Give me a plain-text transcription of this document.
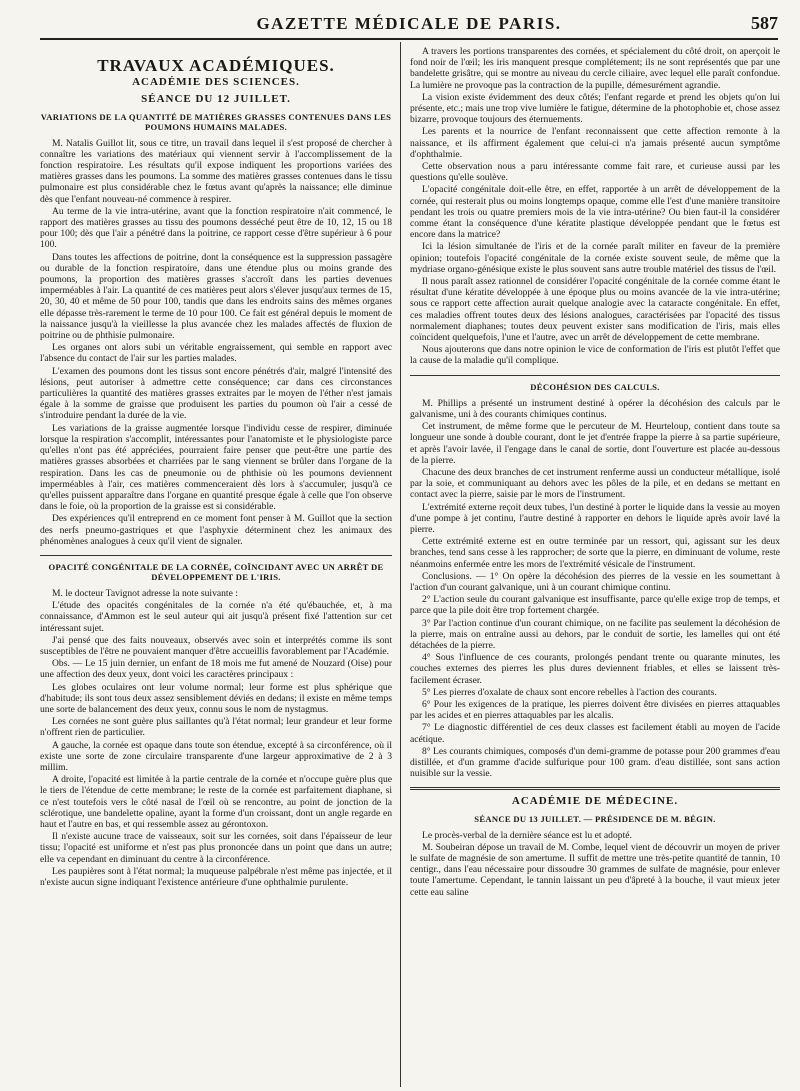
GAZETTE MÉDICALE DE PARIS.	587
TRAVAUX ACADÉMIQUES.
ACADÉMIE DES SCIENCES.
SÉANCE DU 12 JUILLET.
VARIATIONS DE LA QUANTITÉ DE MATIÈRES GRASSES CONTENUES DANS LES POUMONS HUMAINS MALADES.

M. Natalis Guillot lit, sous ce titre, un travail dans lequel il s'est proposé de chercher à connaître les variations des matériaux qui viennent servir à l'accomplissement de la fonction respiratoire. Les résultats qu'il expose indiquent les proportions variées des matières grasses dans les poumons. La somme des matières grasses contenues dans le tissu pulmonaire est plus considérable chez le fœtus avant qu'après la naissance; elle diminue dès que l'enfant nouveau-né commence à respirer.

Au terme de la vie intra-utérine, avant que la fonction respiratoire n'ait commencé, le rapport des matières grasses au tissu des poumons desséché peut être de 10, 12, 15 ou 18 pour 100; dès que l'air a pénétré dans la poitrine, ce rapport cesse d'être supérieur à 6 pour 100.

Dans toutes les affections de poitrine, dont la conséquence est la suppression passagère ou durable de la fonction respiratoire, dans une étendue plus ou moins grande des poumons, la proportion des matières grasses s'accroît dans les parties devenues imperméables à l'air. La quantité de ces matières peut alors s'élever jusqu'aux termes de 15, 20, 30, 40 et même de 50 pour 100, tandis que dans les endroits sains des mêmes organes elle dépasse très-rarement le terme de 10 pour 100. Ce fait est général depuis le moment de la naissance jusqu'à la vieillesse la plus avancée chez les malades affectés de fluxion de poitrine ou de phthisie pulmonaire.

Les organes ont alors subi un véritable engraissement, qui semble en rapport avec l'absence du contact de l'air sur les parties malades.

L'examen des poumons dont les tissus sont encore pénétrés d'air, malgré l'intensité des lésions, peut autoriser à admettre cette conséquence; car dans ces circonstances particulières la quantité des matières grasses extraites par le moyen de l'éther n'est jamais égale à la somme de graisse que produisent les parties du poumon où l'air a cessé de s'introduire pendant la durée de la vie.

Les variations de la graisse augmentée lorsque l'individu cesse de respirer, diminuée lorsque la respiration s'accomplit, intéressantes pour l'anatomiste et le physiologiste parce qu'elles n'ont pas été appréciées, pourraient faire penser que peut-être une partie des matières grasses absorbées et charriées par le sang viennent se brûler dans l'organe de la respiration. Dans les cas de pneumonie ou de phthisie où les poumons deviennent imperméables à l'air, ces matières commenceraient dès lors à s'accumuler, jusqu'à ce qu'elles puissent apparaître dans l'organe en quantité presque égale à celle que l'on observe dans le foie, où la proportion de la graisse est si considérable.

Des expériences qu'il entreprend en ce moment font penser à M. Guillot que la section des nerfs pneumo-gastriques et que l'asphyxie déterminent chez les animaux des phénomènes analogues à ceux qu'il vient de signaler.

OPACITÉ CONGÉNITALE DE LA CORNÉE, COÏNCIDANT AVEC UN ARRÊT DE DÉVELOPPEMENT DE L'IRIS.

M. le docteur Tavignot adresse la note suivante :

L'étude des opacités congénitales de la cornée n'a été qu'ébauchée, et, à ma connaissance, d'Ammon est le seul auteur qui ait jusqu'à présent fixé l'attention sur cet intéressant sujet.

J'ai pensé que des faits nouveaux, observés avec soin et interprétés comme ils sont susceptibles de l'être ne pouvaient manquer d'être accueillis favorablement par l'Académie.

Obs. — Le 15 juin dernier, un enfant de 18 mois me fut amené de Nouzard (Oise) pour une affection des deux yeux, dont voici les caractères principaux :

Les globes oculaires ont leur volume normal; leur forme est plus sphérique que d'habitude; ils sont tous deux assez sensiblement déviés en dedans; il existe en même temps une sorte de balancement des deux yeux, connu sous le nom de nystagmus.

Les cornées ne sont guère plus saillantes qu'à l'état normal; leur grandeur et leur forme n'offrent rien de particulier.

A gauche, la cornée est opaque dans toute son étendue, excepté à sa circonférence, où il existe une sorte de zone circulaire transparente d'une largeur approximative de 2 à 3 millim.

A droite, l'opacité est limitée à la partie centrale de la cornée et n'occupe guère plus que le tiers de l'étendue de cette membrane; le reste de la cornée est parfaitement diaphane, si ce n'est toutefois vers le côté nasal de l'œil où se rencontre, au point de jonction de la sclérotique, une bandelette opaline, ayant la forme d'un croissant, dont un angle regarde en haut et l'autre en bas, et qui ressemble assez au gérontoxon.

Il n'existe aucune trace de vaisseaux, soit sur les cornées, soit dans l'épaisseur de leur tissu; l'opacité est uniforme et n'est pas plus prononcée dans un point que dans un autre; elle va cependant en diminuant du centre à la circonférence.

Les paupières sont à l'état normal; la muqueuse palpébrale n'est même pas injectée, et il n'existe aucun signe indiquant l'existence antérieure d'une ophthalmie purulente.

A travers les portions transparentes des cornées, et spécialement du côté droit, on aperçoit le fond noir de l'œil; les iris manquent presque complétement; ils ne sont représentés que par une bandelette grisâtre, qui se montre au niveau du cercle ciliaire, avec lequel elle paraît confondue. La lumière ne provoque pas la contraction de la pupille, démesurément agrandie.

La vision existe évidemment des deux côtés; l'enfant regarde et prend les objets qu'on lui présente, etc.; mais une trop vive lumière le fatigue, détermine de la photophobie et, chose assez bizarre, provoque toujours des éternuements.

Les parents et la nourrice de l'enfant reconnaissent que cette affection remonte à la naissance, et ils affirment également que celui-ci n'a jamais présenté aucun symptôme d'ophthalmie.

Cette observation nous a paru intéressante comme fait rare, et curieuse aussi par les questions qu'elle soulève.

L'opacité congénitale doit-elle être, en effet, rapportée à un arrêt de développement de la cornée, qui resterait plus ou moins longtemps opaque, comme elle l'est d'une manière transitoire pendant les trois ou quatre premiers mois de la vie intra-utérine? Ou bien faut-il la considérer comme étant la conséquence d'une kératite plastique développée pendant que le fœtus est encore dans la matrice?

Ici la lésion simultanée de l'iris et de la cornée paraît militer en faveur de la première opinion; toutefois l'opacité congénitale de la cornée existe souvent seule, de même que la mydriase organo-génésique existe le plus souvent sans autre trouble matériel des tissus de l'œil.

Il nous paraît assez rationnel de considérer l'opacité congénitale de la cornée comme étant le résultat d'une kératite développée à une époque plus ou moins avancée de la vie intra-utérine; sous ce rapport cette affection aurait quelque analogie avec la cataracte congénitale. En effet, ces maladies offrent toutes deux des lésions analogues, caractérisées par l'opacité des tissus normalement diaphanes; toutes deux peuvent exister sans modification de l'iris, mais elles coïncident quelquefois, l'une et l'autre, avec un arrêt de développement de cette membrane.

Nous ajouterons que dans notre opinion le vice de conformation de l'iris est plutôt l'effet que la cause de la maladie qu'il complique.

DÉCOHÉSION DES CALCULS.

M. Phillips a présenté un instrument destiné à opérer la décohésion des calculs par le galvanisme, uni à des courants chimiques continus.

Cet instrument, de même forme que le percuteur de M. Heurteloup, contient dans toute sa longueur une sonde à double courant, dont le jet d'entrée frappe la pierre à sa partie supérieure, et après l'avoir lavée, il l'engage dans le canal de sortie, dont l'ouverture est placée au-dessous de la pierre.

Chacune des deux branches de cet instrument renferme aussi un conducteur métallique, isolé par la soie, et communiquant au dehors avec les pôles de la pile, et en dedans se mettant en contact avec la pierre, saisie par le mors de l'instrument.

L'extrémité externe reçoit deux tubes, l'un destiné à porter le liquide dans la vessie au moyen d'une pompe à jet continu, l'autre destiné à rapporter en dehors le liquide après avoir lavé la pierre.

Cette extrémité externe est en outre terminée par un ressort, qui, agissant sur les deux branches, tend sans cesse à les rapprocher; de sorte que la pierre, en diminuant de volume, reste néanmoins enfermée entre les mors de l'extrémité vésicale de l'instrument.

Conclusions. — 1° On opère la décohésion des pierres de la vessie en les soumettant à l'action d'un courant galvanique, uni à un courant chimique continu.

2° L'action seule du courant galvanique est insuffisante, parce qu'elle exige trop de temps, et parce que la pile doit être trop fortement chargée.

3° Par l'action continue d'un courant chimique, on ne facilite pas seulement la décohésion de la pierre, mais on entraîne aussi au dehors, par le conduit de sortie, les lamelles qui ont été détachées de la pierre.

4° Sous l'influence de ces courants, prolongés pendant trente ou quarante minutes, les couches externes des pierres les plus dures deviennent friables, et elles se laissent très-facilement écraser.

5° Les pierres d'oxalate de chaux sont encore rebelles à l'action des courants.

6° Pour les exigences de la pratique, les pierres doivent être divisées en pierres attaquables par les acides et en pierres attaquables par les alcalis.

7° Le diagnostic différentiel de ces deux classes est facilement établi au moyen de l'acide acétique.

8° Les courants chimiques, composés d'un demi-gramme de potasse pour 200 grammes d'eau distillée, et d'un gramme d'acide sulfurique pour 100 gram. d'eau distillée, sont sans action nuisible sur la vessie.

ACADÉMIE DE MÉDECINE.
SÉANCE DU 13 JUILLET. — PRÉSIDENCE DE M. BÉGIN.

Le procès-verbal de la dernière séance est lu et adopté.

M. Soubeiran dépose un travail de M. Combe, lequel vient de découvrir un moyen de priver le sulfate de magnésie de son amertume. Il suffit de mettre une très-petite quantité de tannin, 10 centigr., dans l'eau nécessaire pour dissoudre 30 grammes de sulfate de magnésie, pour enlever toute l'amertume. Cependant, le tannin laissant un peu d'âpreté à la bouche, il vaut mieux jeter cette eau saline
